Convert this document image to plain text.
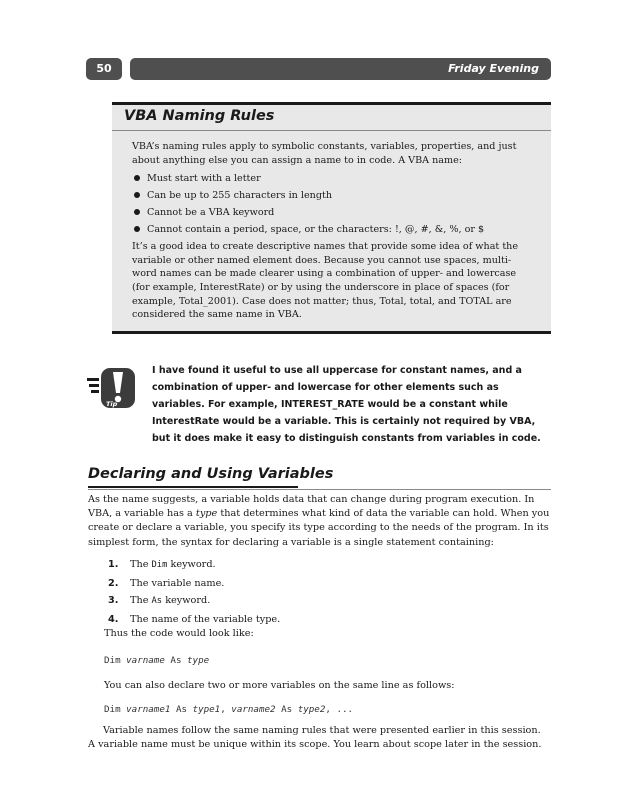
50	Friday Evening
VBA Naming Rules

VBA’s naming rules apply to symbolic constants, variables, properties, and just about anything else you can assign a name to in code. A VBA name:

Must start with a letter
Can be up to 255 characters in length
Cannot be a VBA keyword
Cannot contain a period, space, or the characters: !, @, #, &, %, or $

It’s a good idea to create descriptive names that provide some idea of what the variable or other named element does. Because you cannot use spaces, multi-word names can be made clearer using a combination of upper- and lowercase (for example, InterestRate) or by using the underscore in place of spaces (for example, Total_2001). Case does not matter; thus, Total, total, and TOTAL are considered the same name in VBA.

Tip
I have found it useful to use all uppercase for constant names, and a combination of upper- and lowercase for other elements such as variables. For example, INTEREST_RATE would be a constant while InterestRate would be a variable. This is certainly not required by VBA, but it does make it easy to distinguish constants from variables in code.
Declaring and Using Variables

As the name suggests, a variable holds data that can change during program execution. In VBA, a variable has a type that determines what kind of data the variable can hold. When you create or declare a variable, you specify its type according to the needs of the program. In its simplest form, the syntax for declaring a variable is a single statement containing:

1. The Dim keyword.
2. The variable name.
3. The As keyword.
4. The name of the variable type.
Thus the code would look like:
Dim varname As type
You can also declare two or more variables on the same line as follows:
Dim varname1 As type1, varname2 As type2, ...

Variable names follow the same naming rules that were presented earlier in this session.
A variable name must be unique within its scope. You learn about scope later in the session.
